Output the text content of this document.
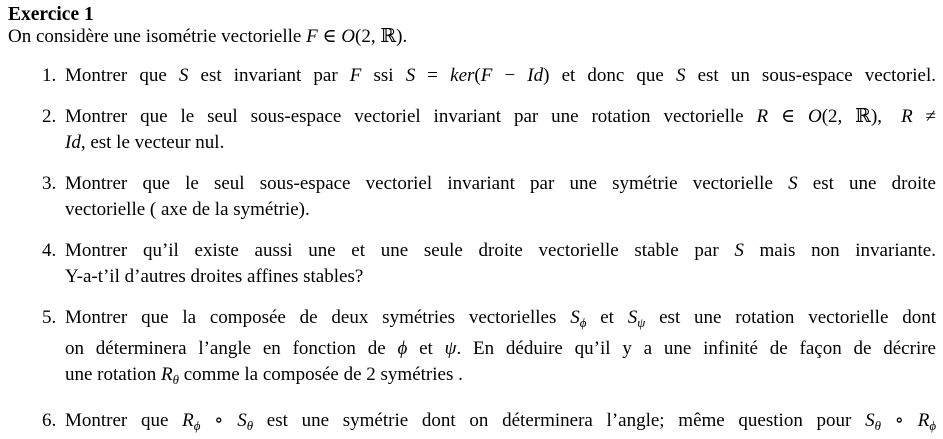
Exercice 1
On considère une isométrie vectorielle F ∈ O(2, ℝ).
1. Montrer que S est invariant par F ssi S = ker(F − Id) et donc que S est un sous-espace vectoriel.
2. Montrer que le seul sous-espace vectoriel invariant par une rotation vectorielle R ∈ O(2, ℝ),  R ≠
Id, est le vecteur nul.
3. Montrer que le seul sous-espace vectoriel invariant par une symétrie vectorielle S est une droite
vectorielle ( axe de la symétrie).
4. Montrer qu’il existe aussi une et une seule droite vectorielle stable par S mais non invariante.
Y-a-t’il d’autres droites affines stables?
5. Montrer que la composée de deux symétries vectorielles $S_\phi$ et $S_\psi$ est une rotation vectorielle dont
on déterminera l’angle en fonction de ϕ et ψ. En déduire qu’il y a une infinité de façon de décrire
une rotation $R_\theta$ comme la composée de 2 symétries .
6. Montrer que $R_\phi$ ∘ $S_\theta$ est une symétrie dont on déterminera l’angle; même question pour $S_\theta$ ∘ $R_\phi$
